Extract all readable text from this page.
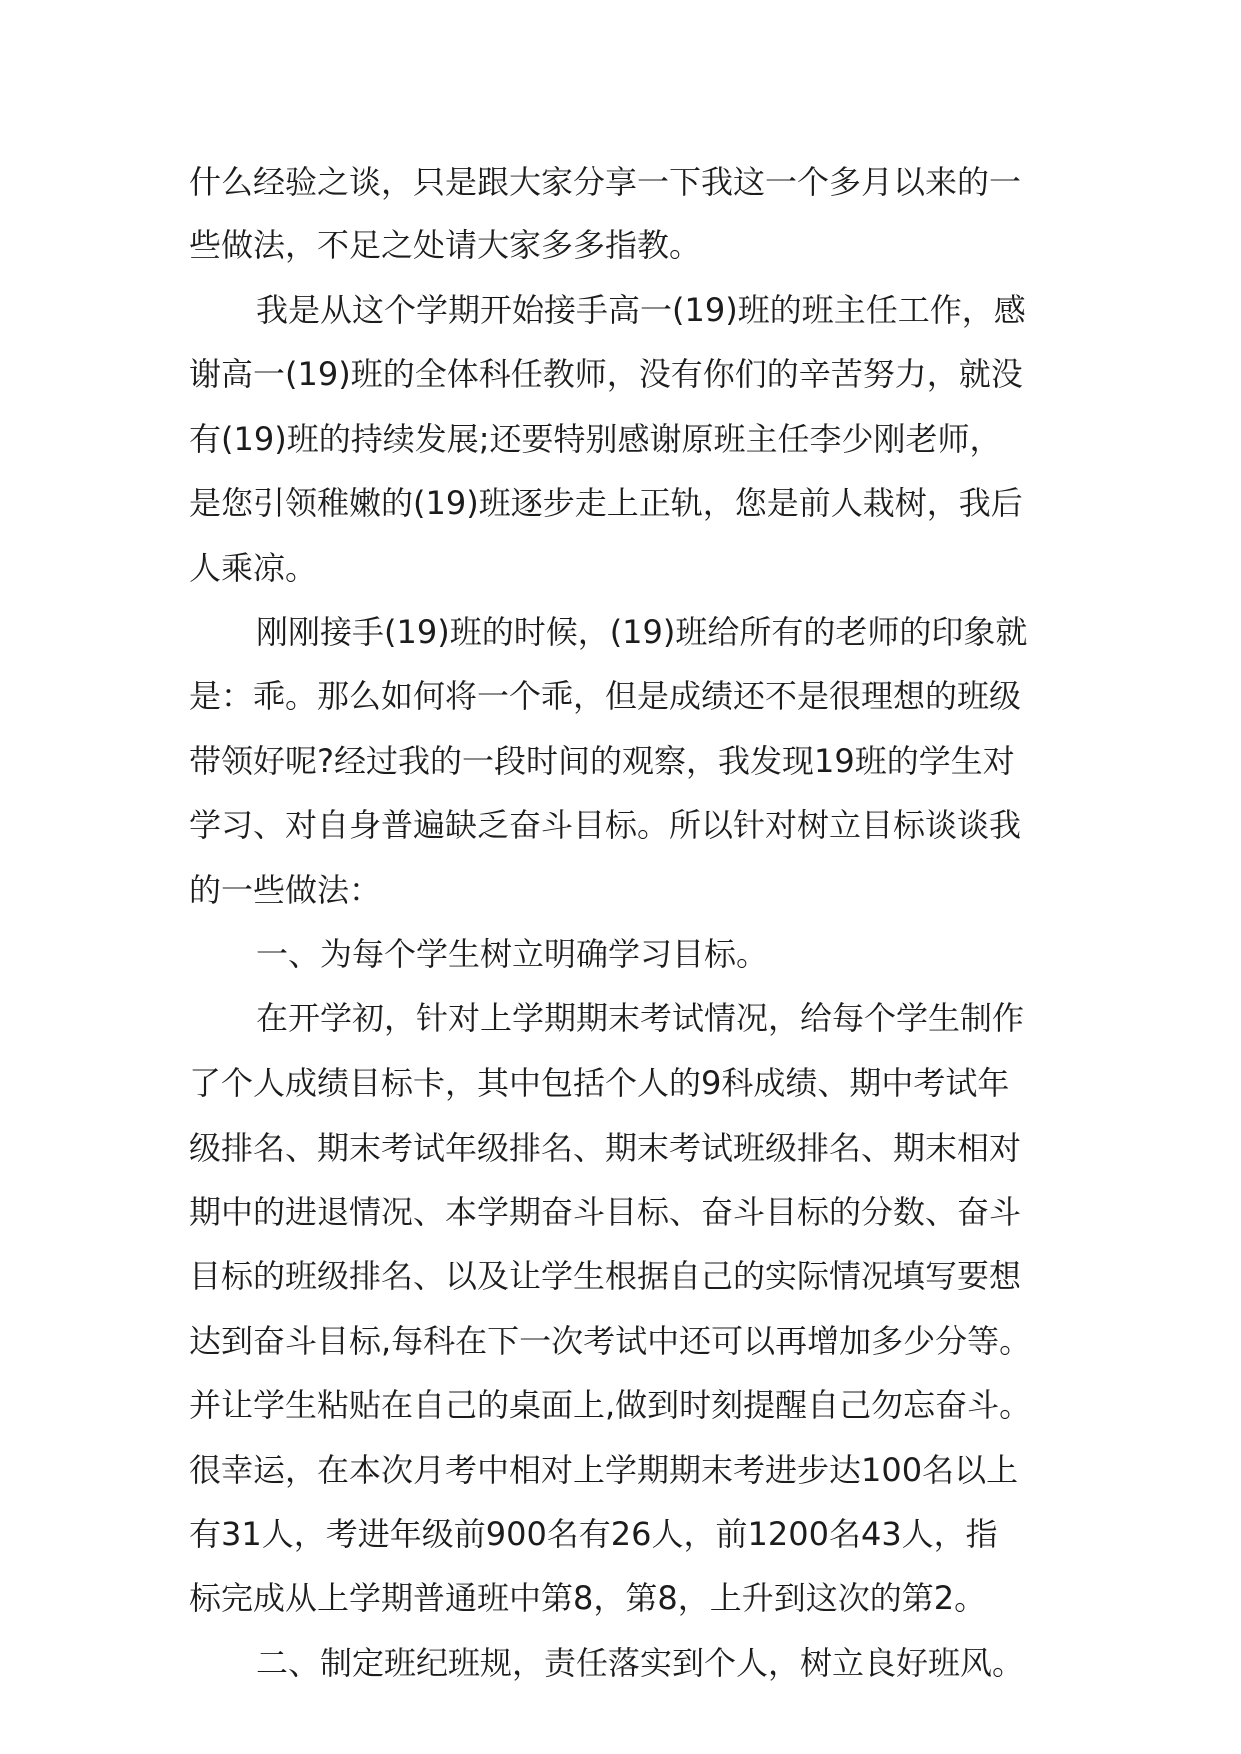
什么经验之谈，只是跟大家分享一下我这一个多月以来的一

些做法，不足之处请大家多多指教。

我是从这个学期开始接手高一(19)班的班主任工作，感

谢高一(19)班的全体科任教师，没有你们的辛苦努力，就没

有(19)班的持续发展;还要特别感谢原班主任李少刚老师，

是您引领稚嫩的(19)班逐步走上正轨，您是前人栽树，我后

人乘凉。

刚刚接手(19)班的时候，(19)班给所有的老师的印象就

是：乖。那么如何将一个乖，但是成绩还不是很理想的班级

带领好呢?经过我的一段时间的观察，我发现19班的学生对

学习、对自身普遍缺乏奋斗目标。所以针对树立目标谈谈我

的一些做法：

一、为每个学生树立明确学习目标。

在开学初，针对上学期期末考试情况，给每个学生制作

了个人成绩目标卡，其中包括个人的9科成绩、期中考试年

级排名、期末考试年级排名、期末考试班级排名、期末相对

期中的进退情况、本学期奋斗目标、奋斗目标的分数、奋斗

目标的班级排名、以及让学生根据自己的实际情况填写要想

达到奋斗目标,每科在下一次考试中还可以再增加多少分等。

并让学生粘贴在自己的桌面上,做到时刻提醒自己勿忘奋斗。

很幸运，在本次月考中相对上学期期末考进步达100名以上

有31人，考进年级前900名有26人，前1200名43人，指

标完成从上学期普通班中第8，第8，上升到这次的第2。

二、制定班纪班规，责任落实到个人，树立良好班风。
